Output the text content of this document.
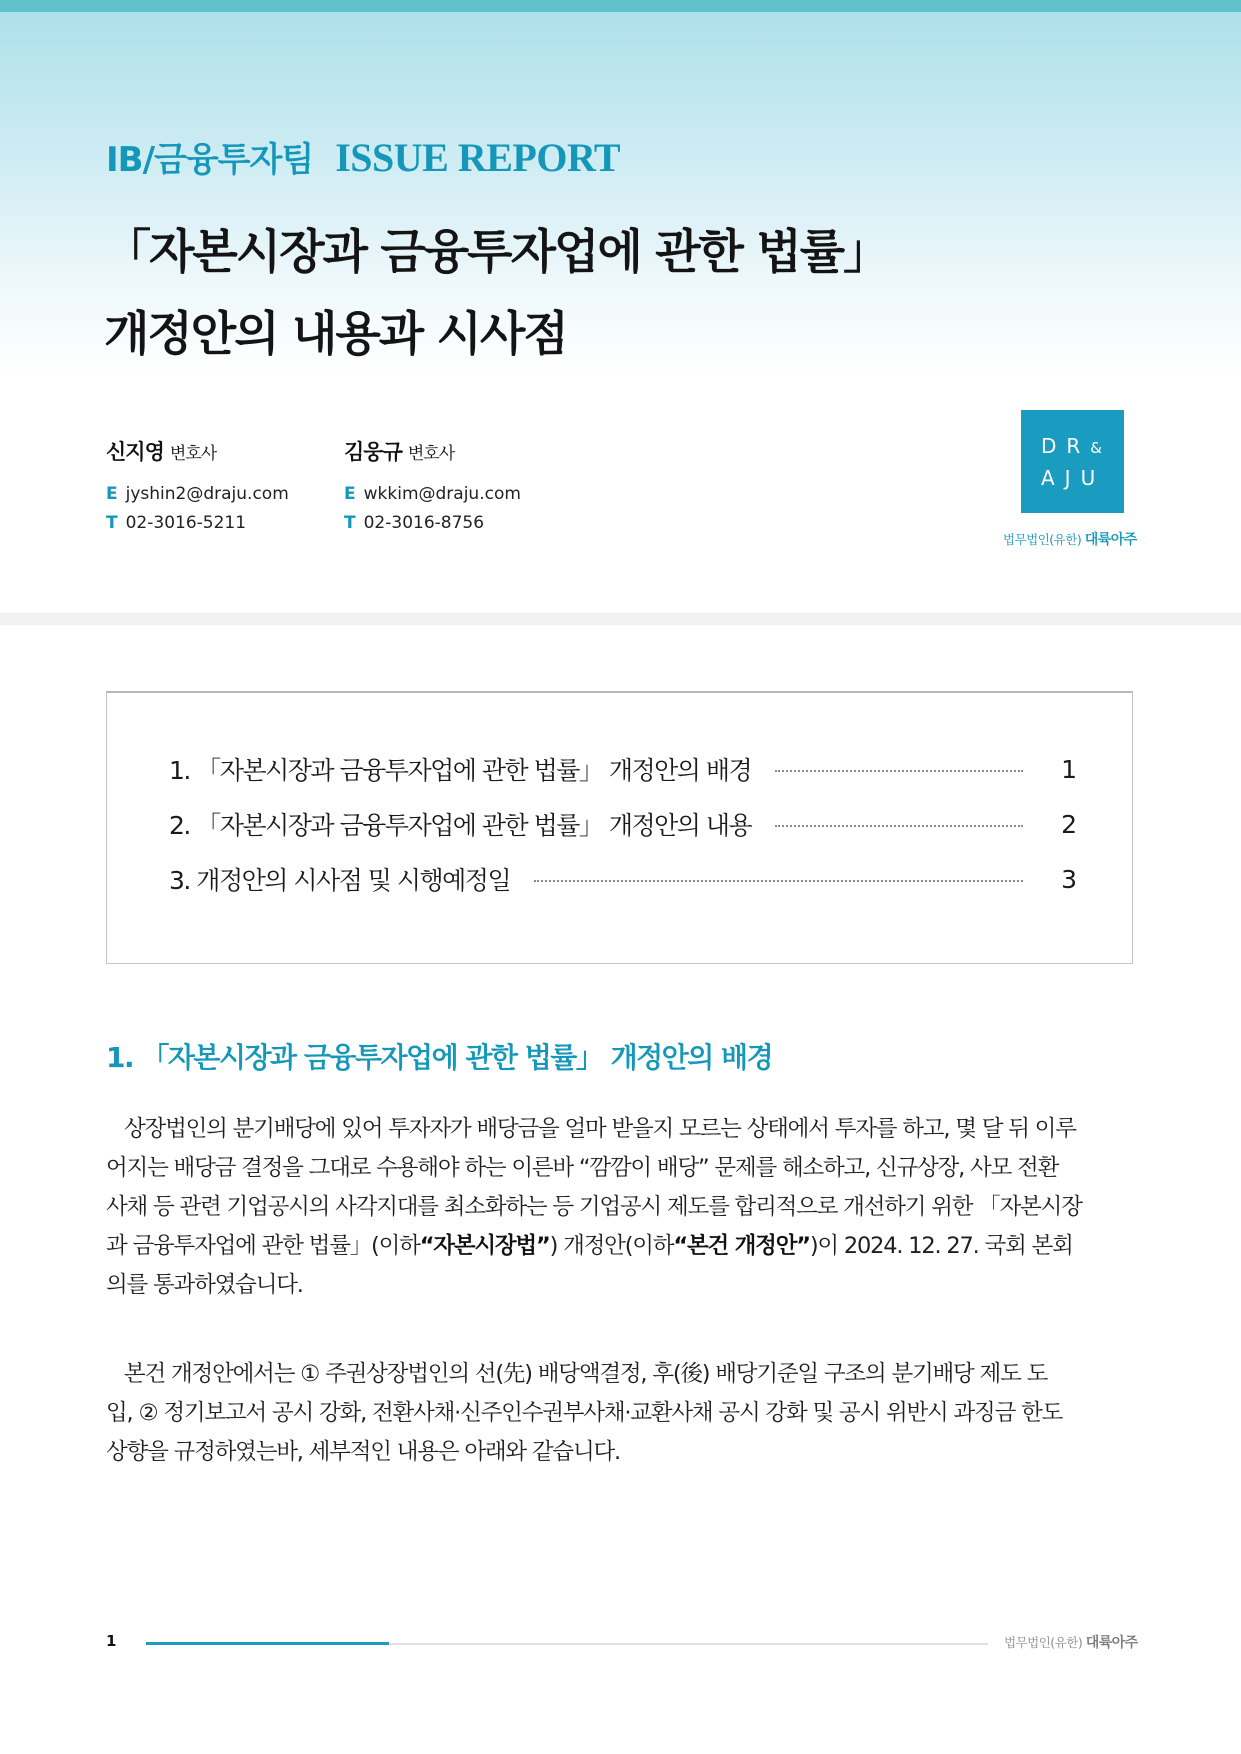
IB/금융투자팀 ISSUE REPORT
「자본시장과 금융투자업에 관한 법률」
개정안의 내용과 시사점
신지영 변호사
E jyshin2@draju.com
T 02-3016-5211
김웅규 변호사
E wkkim@draju.com
T 02-3016-8756
DR&
AJU
법무법인(유한) 대륙아주
1. 「자본시장과 금융투자업에 관한 법률」 개정안의 배경	1
2. 「자본시장과 금융투자업에 관한 법률」 개정안의 내용	2
3. 개정안의 시사점 및 시행예정일	3
1. 「자본시장과 금융투자업에 관한 법률」 개정안의 배경
상장법인의 분기배당에 있어 투자자가 배당금을 얼마 받을지 모르는 상태에서 투자를 하고, 몇 달 뒤 이루
어지는 배당금 결정을 그대로 수용해야 하는 이른바 “깜깜이 배당” 문제를 해소하고, 신규상장, 사모 전환
사채 등 관련 기업공시의 사각지대를 최소화하는 등 기업공시 제도를 합리적으로 개선하기 위한 「자본시장
과 금융투자업에 관한 법률」(이하 “자본시장법” ) 개정안(이하 “본건 개정안” )이 2024. 12. 27. 국회 본회
의를 통과하였습니다.
본건 개정안에서는 ① 주권상장법인의 선(先) 배당액결정, 후(後) 배당기준일 구조의 분기배당 제도 도
입, ② 정기보고서 공시 강화, 전환사채·신주인수권부사채·교환사채 공시 강화 및 공시 위반시 과징금 한도
상향을 규정하였는바, 세부적인 내용은 아래와 같습니다.
1	법무법인(유한) 대륙아주
